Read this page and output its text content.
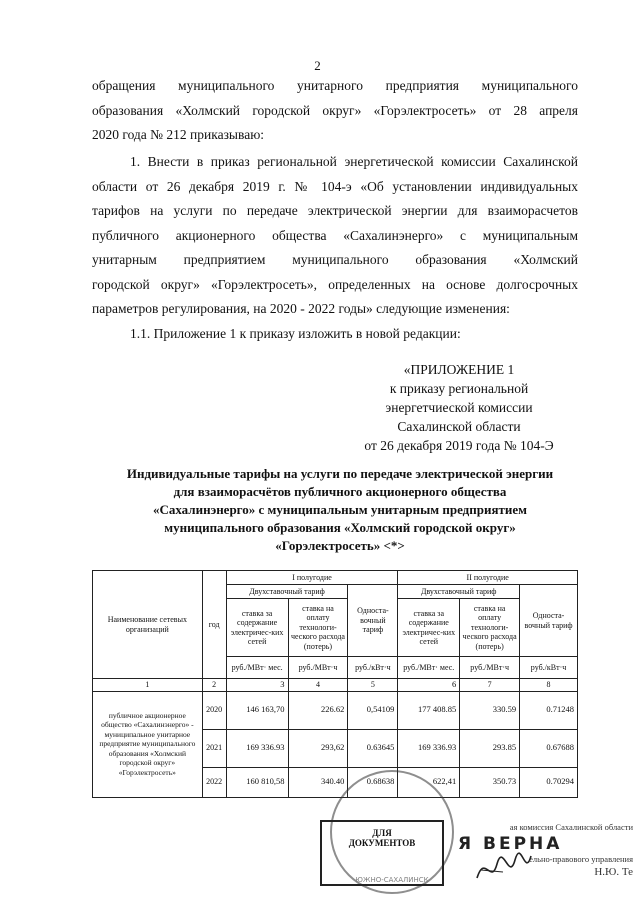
2

обращения муниципального унитарного предприятия муниципального

образования «Холмский городской округ» «Горэлектросеть» от 28 апреля

2020 года № 212 приказываю:

1. Внести в приказ региональной энергетической комиссии Сахалинской

области от 26 декабря 2019 г. № 104-э «Об установлении индивидуальных

тарифов на услуги по передаче электрической энергии для взаиморасчетов

публичного акционерного общества «Сахалинэнерго» с муниципальным

унитарным предприятием муниципального образования «Холмский

городской округ» «Горэлектросеть», определенных на основе долгосрочных

параметров регулирования, на 2020 - 2022 годы» следующие изменения:

1.1. Приложение 1 к приказу изложить в новой редакции:

«ПРИЛОЖЕНИЕ 1
к приказу региональной
энергетчиеской комиссии
Сахалинской области
от 26 декабря 2019 года № 104-Э
Индивидуальные тарифы на услуги по передаче электрической энергии
для взаиморасчётов публичного акционерного общества
«Сахалинэнерго» с муниципальным унитарным предприятием
муниципального образования «Холмский городской округ»
«Горэлектросеть» <*>
Наименование сетевых организаций	год	I полугодие			II полугодие		
		Двухставочный тариф		Односта-вочный тариф	Двухставочный тариф		Односта-вочный тариф
		ставка за содержание электричес-ких сетей	ставка на оплату технологи-ческого расхода (потерь)		ставка за содержание электричес-ких сетей	ставка на оплату технологи-ческого расхода (потерь)	
		руб./МВт· мес.	руб./МВт·ч	руб./кВт·ч	руб./МВт· мес.	руб./МВт·ч	руб./кВт·ч
1	2	3	4	5	6	7	8
публичное акционерное общество «Сахалинэнерго» - муниципальное унитарное предприятие муниципального образования «Холмский городской округ» «Горэлектросеть»	2020	146 163,70	226.62	0,54109	177 408.85	330.59	0.71248
	2021	169 336.93	293,62	0.63645	169 336.93	293.85	0.67688
	2022	160 810,58	340.40	0.68638	622,41	350.73	0.70294
ЮЖНО-САХАЛИНСК
ДЛЯ
ДОКУМЕНТОВ
ая комиссия Сахалинской области
Я ВЕРНА
ельно-правового управления
Н.Ю. Те
